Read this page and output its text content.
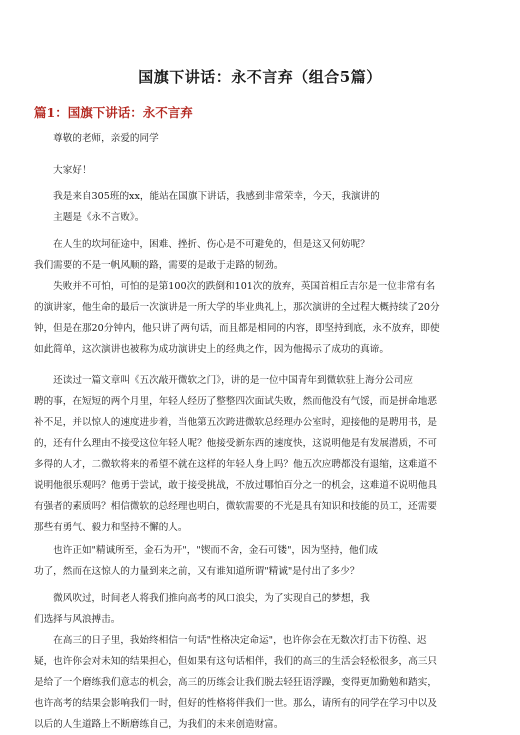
国旗下讲话：永不言弃（组合5篇）
篇1：国旗下讲话：永不言弃
　　尊敬的老师，亲爱的同学
　　大家好！
　　我是来自305班的xx，能站在国旗下讲话，我感到非常荣幸，今天，我演讲的
　　主题是《永不言败》。
　　在人生的坎坷征途中，困难、挫折、伤心是不可避免的，但是这又何妨呢？
我们需要的不是一帆风顺的路，需要的是敢于走路的韧劲。
　　失败并不可怕，可怕的是第100次的跌倒和101次的放弃，英国首相丘吉尔是一位非常有名
的演讲家，他生命的最后一次演讲是一所大学的毕业典礼上，那次演讲的全过程大概持续了20分
钟，但是在那20分钟内，他只讲了两句话，而且都是相同的内容，即坚持到底，永不放弃，即使
如此简单，这次演讲也被称为成功演讲史上的经典之作，因为他揭示了成功的真谛。
　　还读过一篇文章叫《五次敲开微软之门》，讲的是一位中国青年到微软驻上海分公司应
聘的事，在短短的两个月里，年轻人经历了整整四次面试失败，然而他没有气馁，而是拼命地恶
补不足，并以惊人的速度进步着，当他第五次跨进微软总经理办公室时，迎接他的是聘用书，是
的，还有什么理由不接受这位年轻人呢？他接受新东西的速度快，这说明他是有发展潜质，不可
多得的人才，二微软将来的希望不就在这样的年轻人身上吗？他五次应聘都没有退缩，这难道不
说明他很乐观吗？他勇于尝试，敢于接受挑战，不放过哪怕百分之一的机会，这难道不说明他具
有强者的素质吗？相信微软的总经理也明白，微软需要的不光是具有知识和技能的员工，还需要
那些有勇气、毅力和坚持不懈的人。
　　也许正如"精诚所至，金石为开"，"锲而不舍，金石可镂"，因为坚持，他们成
功了，然而在这惊人的力量到来之前，又有谁知道所谓"精诚"是付出了多少？
　　微风吹过，时间老人将我们推向高考的风口浪尖，为了实现自己的梦想，我
们选择与风浪搏击。
　　在高三的日子里，我始终相信一句话"性格决定命运"，也许你会在无数次打击下彷徨、迟
疑，也许你会对未知的结果担心，但如果有这句话相伴，我们的高三的生活会轻松很多，高三只
是给了一个磨练我们意志的机会，高三的历练会让我们脱去轻狂语浮躁，变得更加勤勉和踏实，
也许高考的结果会影响我们一时，但好的性格将伴我们一世。那么，请所有的同学在学习中以及
以后的人生道路上不断磨练自己，为我们的未来创造财富。
